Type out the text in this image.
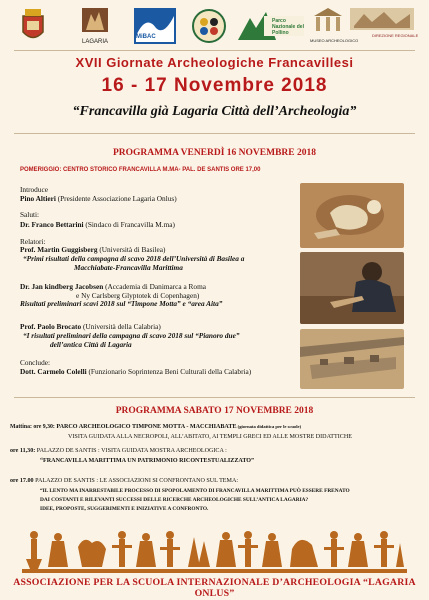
LAGARIA
MiBAC
Parco Nazionale del Pollino
MUSEO ARCHEOLOGICO
DIREZIONE REGIONALE
XVII Giornate Archeologiche Francavillesi
16 - 17 Novembre 2018
“Francavilla già Lagaria Città dell’Archeologia”
PROGRAMMA VENERDÌ 16 NOVEMBRE 2018
POMERIGGIO: CENTRO STORICO FRANCAVILLA M.MA- PAL. DE SANTIS ORE 17,00
Introduce
Pino Altieri (Presidente Associazione Lagaria Onlus)
Saluti:
Dr. Franco Bettarini (Sindaco di Francavilla M.ma)
Relatori:
Prof. Martin Guggisberg (Università di Basilea)
“Primi risultati della campagna di scavo 2018 dell’Università di Basilea a
Macchiabate-Francavilla Marittima
Dr. Jan kindberg Jacobsen (Accademia di Danimarca a Roma
e Ny Carlsberg Glyptotek di Copenhagen)
Risultati preliminari scavi 2018 sul “Timpone Motta” e “area Aita”
Prof. Paolo Brocato (Università della Calabria)
“I risultati preliminari della campagna di scavo 2018 sul “Pianoro due”
dell’antica Città di Lagaria
Conclude:
Dott. Carmelo Colelli (Funzionario Soprintenza Beni Culturali della Calabria)
PROGRAMMA SABATO 17 NOVEMBRE 2018
Mattina: ore 9,30: PARCO ARCHEOLOGICO TIMPONE MOTTA - MACCHIABATE (giornata didattica per le scuole)
VISITA GUIDATA ALLA NECROPOLI, ALL’ABITATO, AI TEMPLI GRECI ED ALLE MOSTRE DIDATTICHE
ore 11,30: PALAZZO DE SANTIS : VISITA GUIDATA MOSTRA ARCHEOLOGICA :
“FRANCAVILLA MARITTIMA UN PATRIMONIO RICONTESTUALIZZATO”
ore 17.00 PALAZZO DE SANTIS : LE ASSOCIAZIONI SI CONFRONTANO SUL TEMA:
“IL LENTO MA INARRESTABILE PROCESSO DI SPOPOLAMENTO DI FRANCAVILLA MARITTIMA PUÒ ESSERE FRENATO
DAI COSTANTI E RILEVANTI SUCCESSI DELLE RICERCHE ARCHEOLOGICHE SULL’ANTICA LAGARIA?
IDEE, PROPOSTE, SUGGERIMENTI E INIZIATIVE A CONFRONTO.
ASSOCIAZIONE PER LA SCUOLA INTERNAZIONALE D’ARCHEOLOGIA “LAGARIA ONLUS”
